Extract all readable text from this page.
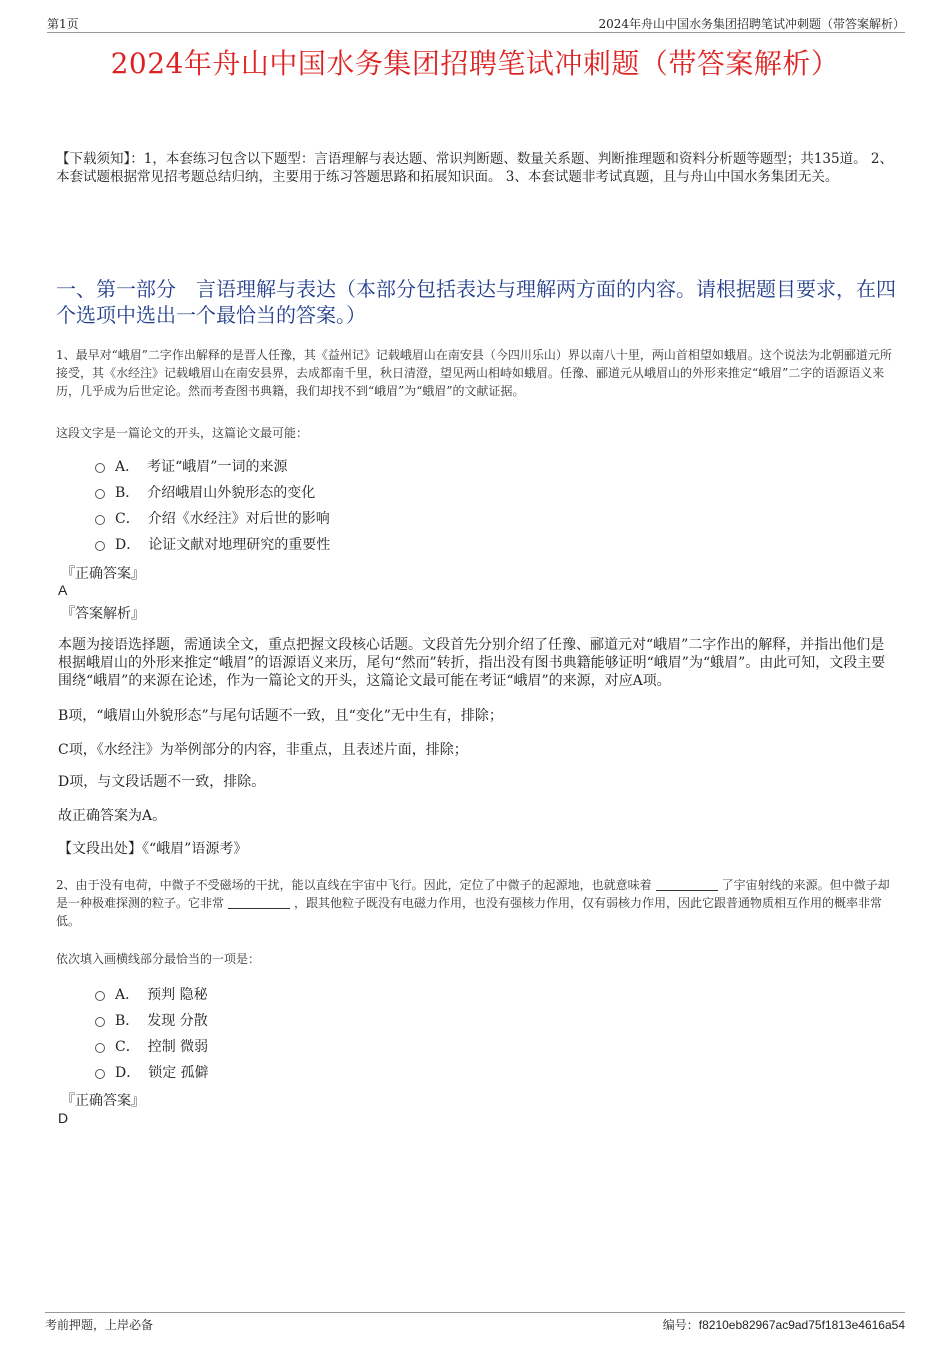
第1页	2024年舟山中国水务集团招聘笔试冲刺题（带答案解析）
2024年舟山中国水务集团招聘笔试冲刺题（带答案解析）
【下载须知】：1，本套练习包含以下题型：言语理解与表达题、常识判断题、数量关系题、判断推理题和资料分析题等题型；共135道。 2、本套试题根据常见招考题总结归纳，主要用于练习答题思路和拓展知识面。 3、本套试题非考试真题，且与舟山中国水务集团无关。
一、第一部分　言语理解与表达（本部分包括表达与理解两方面的内容。请根据题目要求，在四个选项中选出一个最恰当的答案。）
1、最早对“峨眉”二字作出解释的是晋人任豫，其《益州记》记载峨眉山在南安县（今四川乐山）界以南八十里，两山首相望如蛾眉。这个说法为北朝郦道元所接受，其《水经注》记载峨眉山在南安县界，去成都南千里，秋日清澄，望见两山相峙如蛾眉。任豫、郦道元从峨眉山的外形来推定“峨眉”二字的语源语义来历，几乎成为后世定论。然而考查图书典籍，我们却找不到“峨眉”为“蛾眉”的文献证据。
这段文字是一篇论文的开头，这篇论文最可能：
A． 考证“峨眉”一词的来源
B． 介绍峨眉山外貌形态的变化
C． 介绍《水经注》对后世的影响
D． 论证文献对地理研究的重要性
『正确答案』
A
『答案解析』
本题为接语选择题，需通读全文，重点把握文段核心话题。文段首先分别介绍了任豫、郦道元对“峨眉”二字作出的解释，并指出他们是根据峨眉山的外形来推定“峨眉”的语源语义来历，尾句“然而”转折，指出没有图书典籍能够证明“峨眉”为“蛾眉”。由此可知，文段主要围绕“峨眉”的来源在论述，作为一篇论文的开头，这篇论文最可能在考证“峨眉”的来源，对应A项。
B项，“峨眉山外貌形态”与尾句话题不一致，且“变化”无中生有，排除；
C项，《水经注》为举例部分的内容，非重点，且表述片面，排除；
D项，与文段话题不一致，排除。
故正确答案为A。
【文段出处】《“峨眉”语源考》
2、由于没有电荷，中微子不受磁场的干扰，能以直线在宇宙中飞行。因此，定位了中微子的起源地，也就意味着	了宇宙射线的来源。但中微子却是一种极难探测的粒子。它非常	，跟其他粒子既没有电磁力作用，也没有强核力作用，仅有弱核力作用，因此它跟普通物质相互作用的概率非常低。
依次填入画横线部分最恰当的一项是：
A． 预判 隐秘
B． 发现 分散
C． 控制 微弱
D． 锁定 孤僻
『正确答案』
D
考前押题，上岸必备	编号：f8210eb82967ac9ad75f1813e4616a54
